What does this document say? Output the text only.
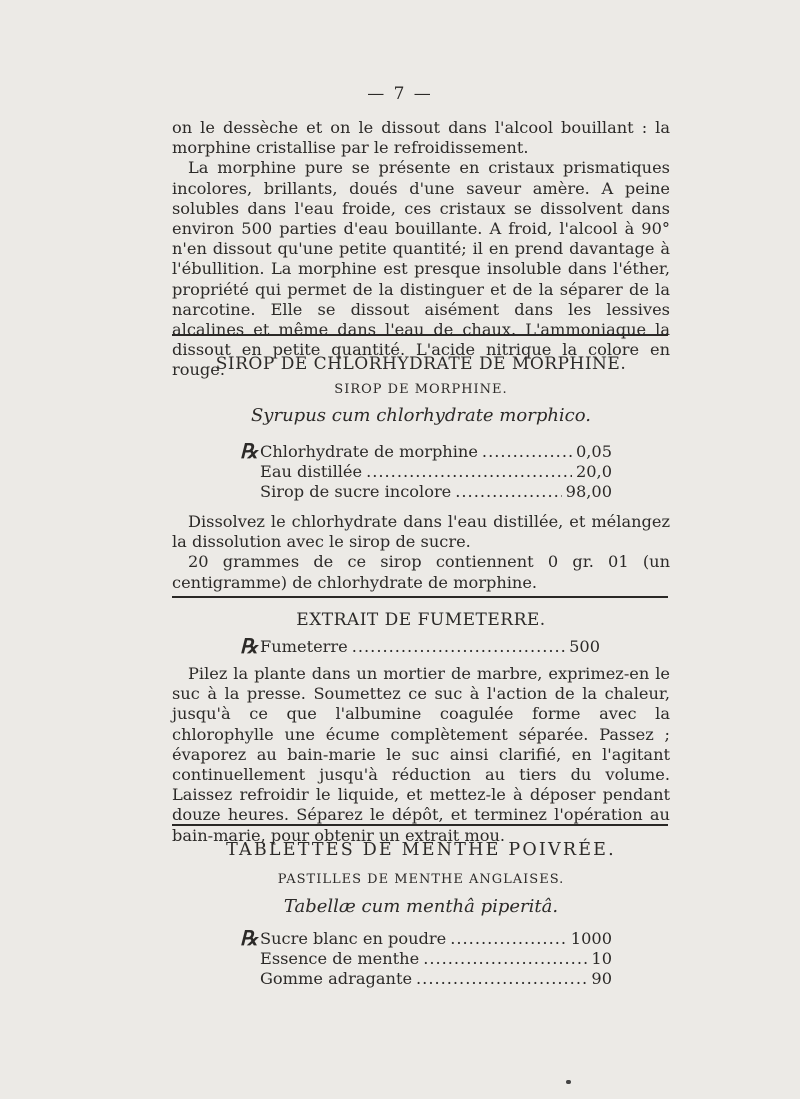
— 7 —

on le dessèche et on le dissout dans l'alcool bouillant : la morphine cristallise par le refroidissement.

La morphine pure se présente en cristaux prismatiques incolores, brillants, doués d'une saveur amère. A peine solubles dans l'eau froide, ces cristaux se dissolvent dans environ 500 parties d'eau bouillante. A froid, l'alcool à 90° n'en dissout qu'une petite quantité; il en prend davantage à l'ébullition. La morphine est presque insoluble dans l'éther, propriété qui permet de la distinguer et de la séparer de la narcotine. Elle se dissout aisément dans les lessives alcalines et même dans l'eau de chaux. L'ammoniaque la dissout en petite quantité. L'acide nitrique la colore en rouge.

SIROP DE CHLORHYDRATE DE MORPHINE.
SIROP DE MORPHINE.
Syrupus cum chlorhydrate morphico.
℞ Chlorhydrate de morphine .....	0,05
Eau distillée .....	20,0
Sirop de sucre incolore .....	98,00

Dissolvez le chlorhydrate dans l'eau distillée, et mélangez la dissolution avec le sirop de sucre.

20 grammes de ce sirop contiennent 0 gr. 01 (un centigramme) de chlorhydrate de morphine.

EXTRAIT DE FUMETERRE.
℞ Fumeterre .....	500

Pilez la plante dans un mortier de marbre, exprimez-en le suc à la presse. Soumettez ce suc à l'action de la chaleur, jusqu'à ce que l'albumine coagulée forme avec la chlorophylle une écume complètement séparée. Passez ; évaporez au bain-marie le suc ainsi clarifié, en l'agitant continuellement jusqu'à réduction au tiers du volume. Laissez refroidir le liquide, et mettez-le à déposer pendant douze heures. Séparez le dépôt, et terminez l'opération au bain-marie, pour obtenir un extrait mou.

TABLETTES DE MENTHE POIVRÉE.
PASTILLES DE MENTHE ANGLAISES.
Tabellæ cum menthâ piperitâ.
℞ Sucre blanc en poudre .....	1000
Essence de menthe .....	10
Gomme adragante .....	90
